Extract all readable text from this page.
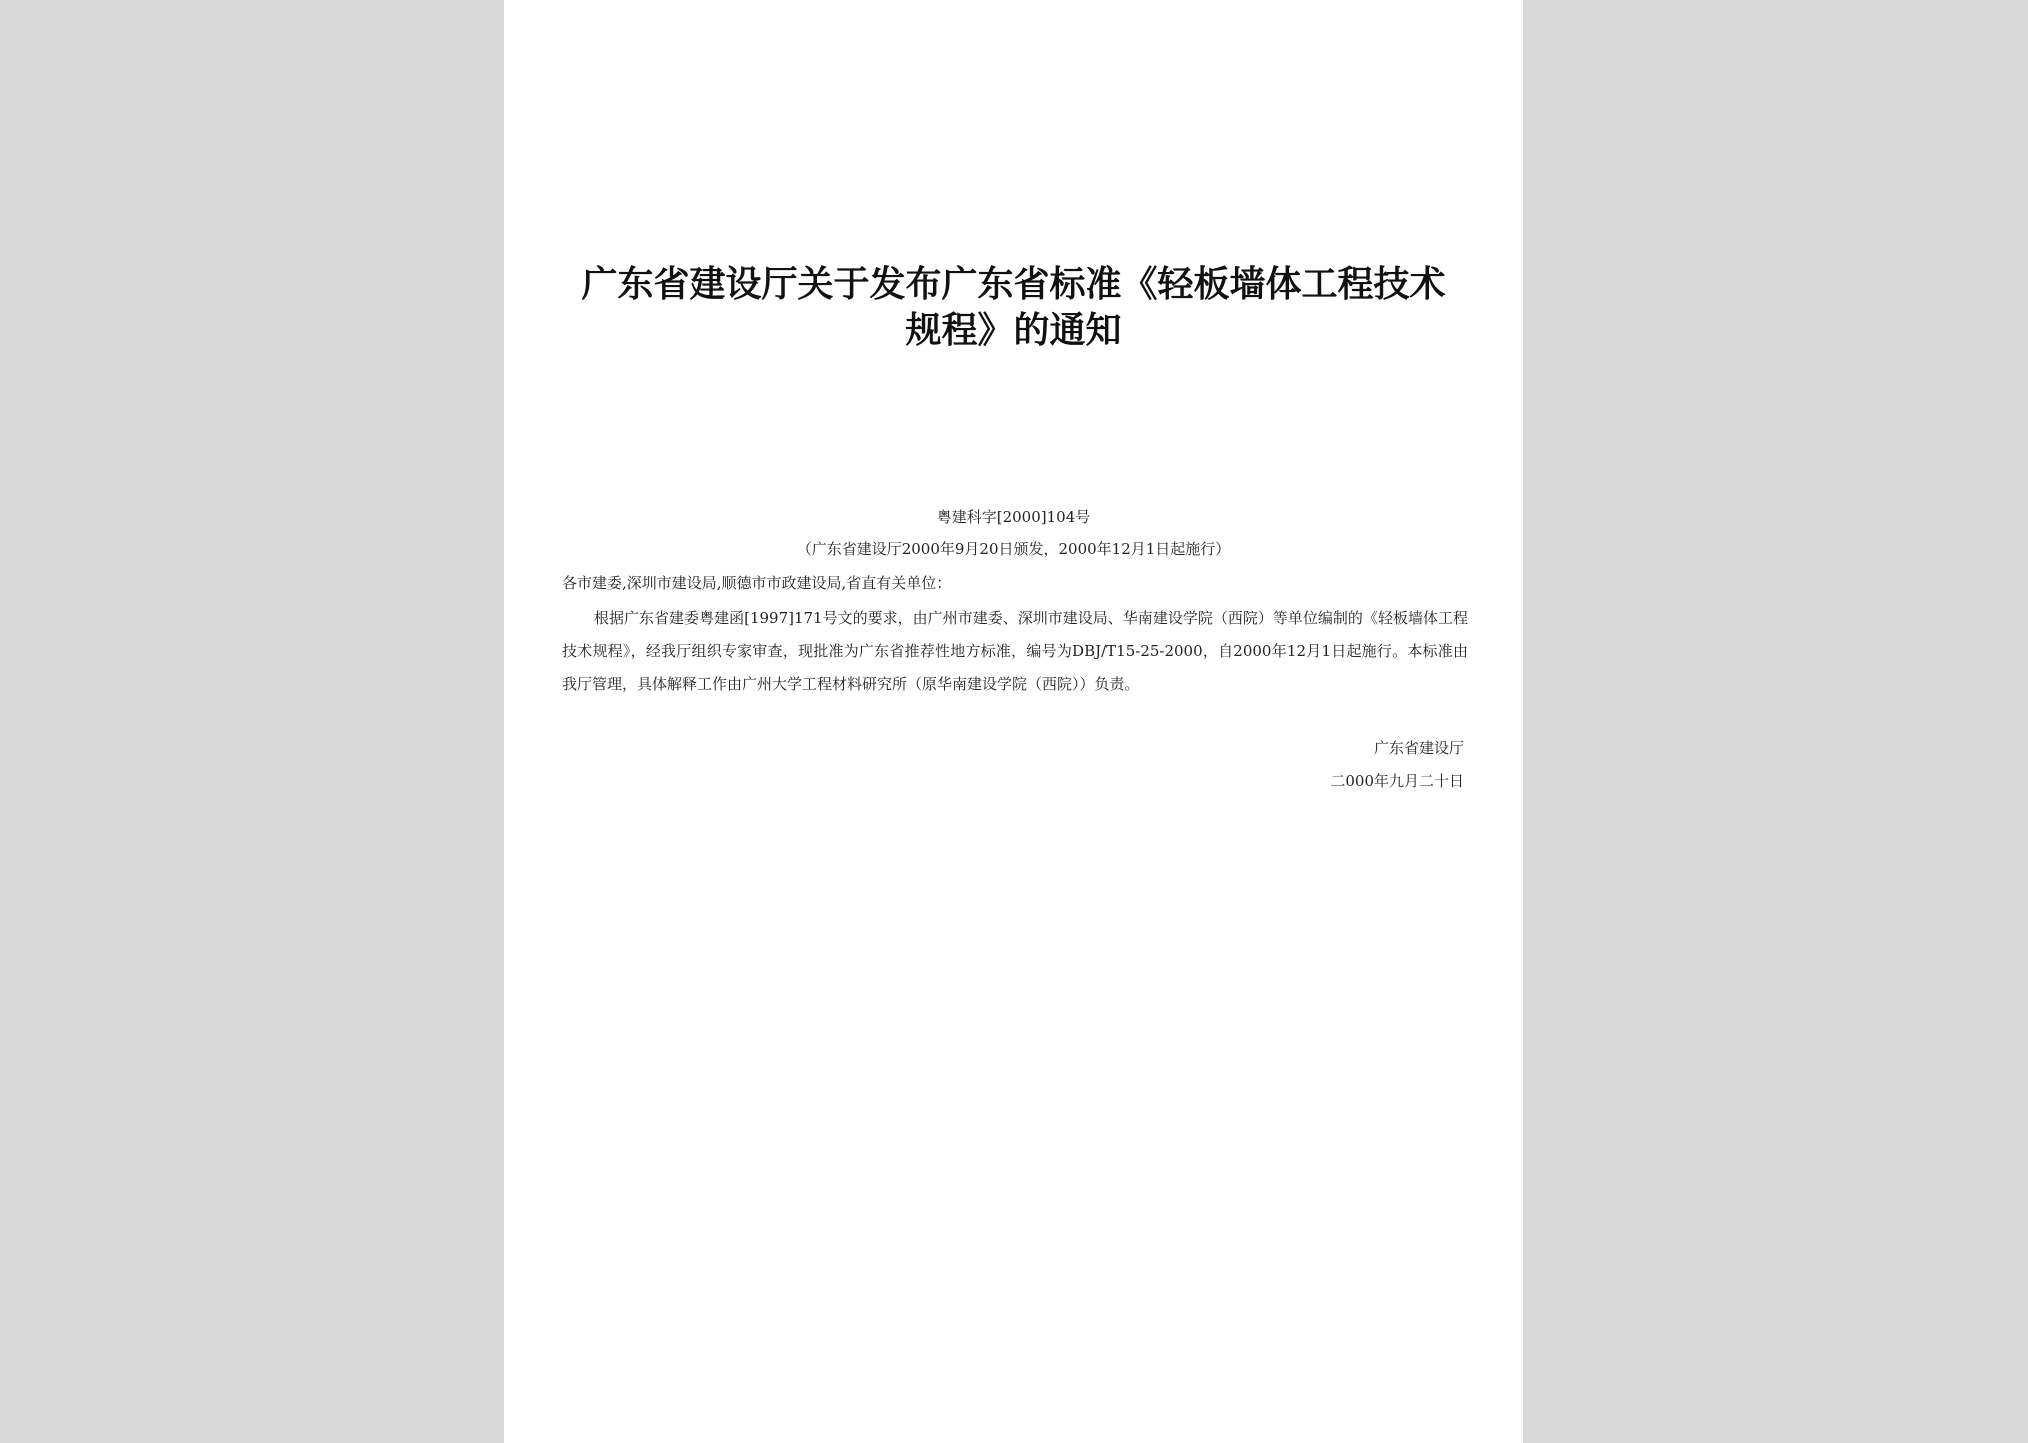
广东省建设厅关于发布广东省标准《轻板墙体工程技术
规程》的通知

粤建科字[2000]104号

（广东省建设厅2000年9月20日颁发，2000年12月1日起施行）

各市建委,深圳市建设局,顺德市市政建设局,省直有关单位：

根据广东省建委粤建函[1997]171号文的要求，由广州市建委、深圳市建设局、华南建设学院（西院）等单位编制的《轻板墙体工程技术规程》，经我厅组织专家审查，现批准为广东省推荐性地方标准，编号为DBJ/T15-25-2000，自2000年12月1日起施行。本标准由我厅管理，具体解释工作由广州大学工程材料研究所（原华南建设学院（西院））负责。

广东省建设厅

二000年九月二十日
